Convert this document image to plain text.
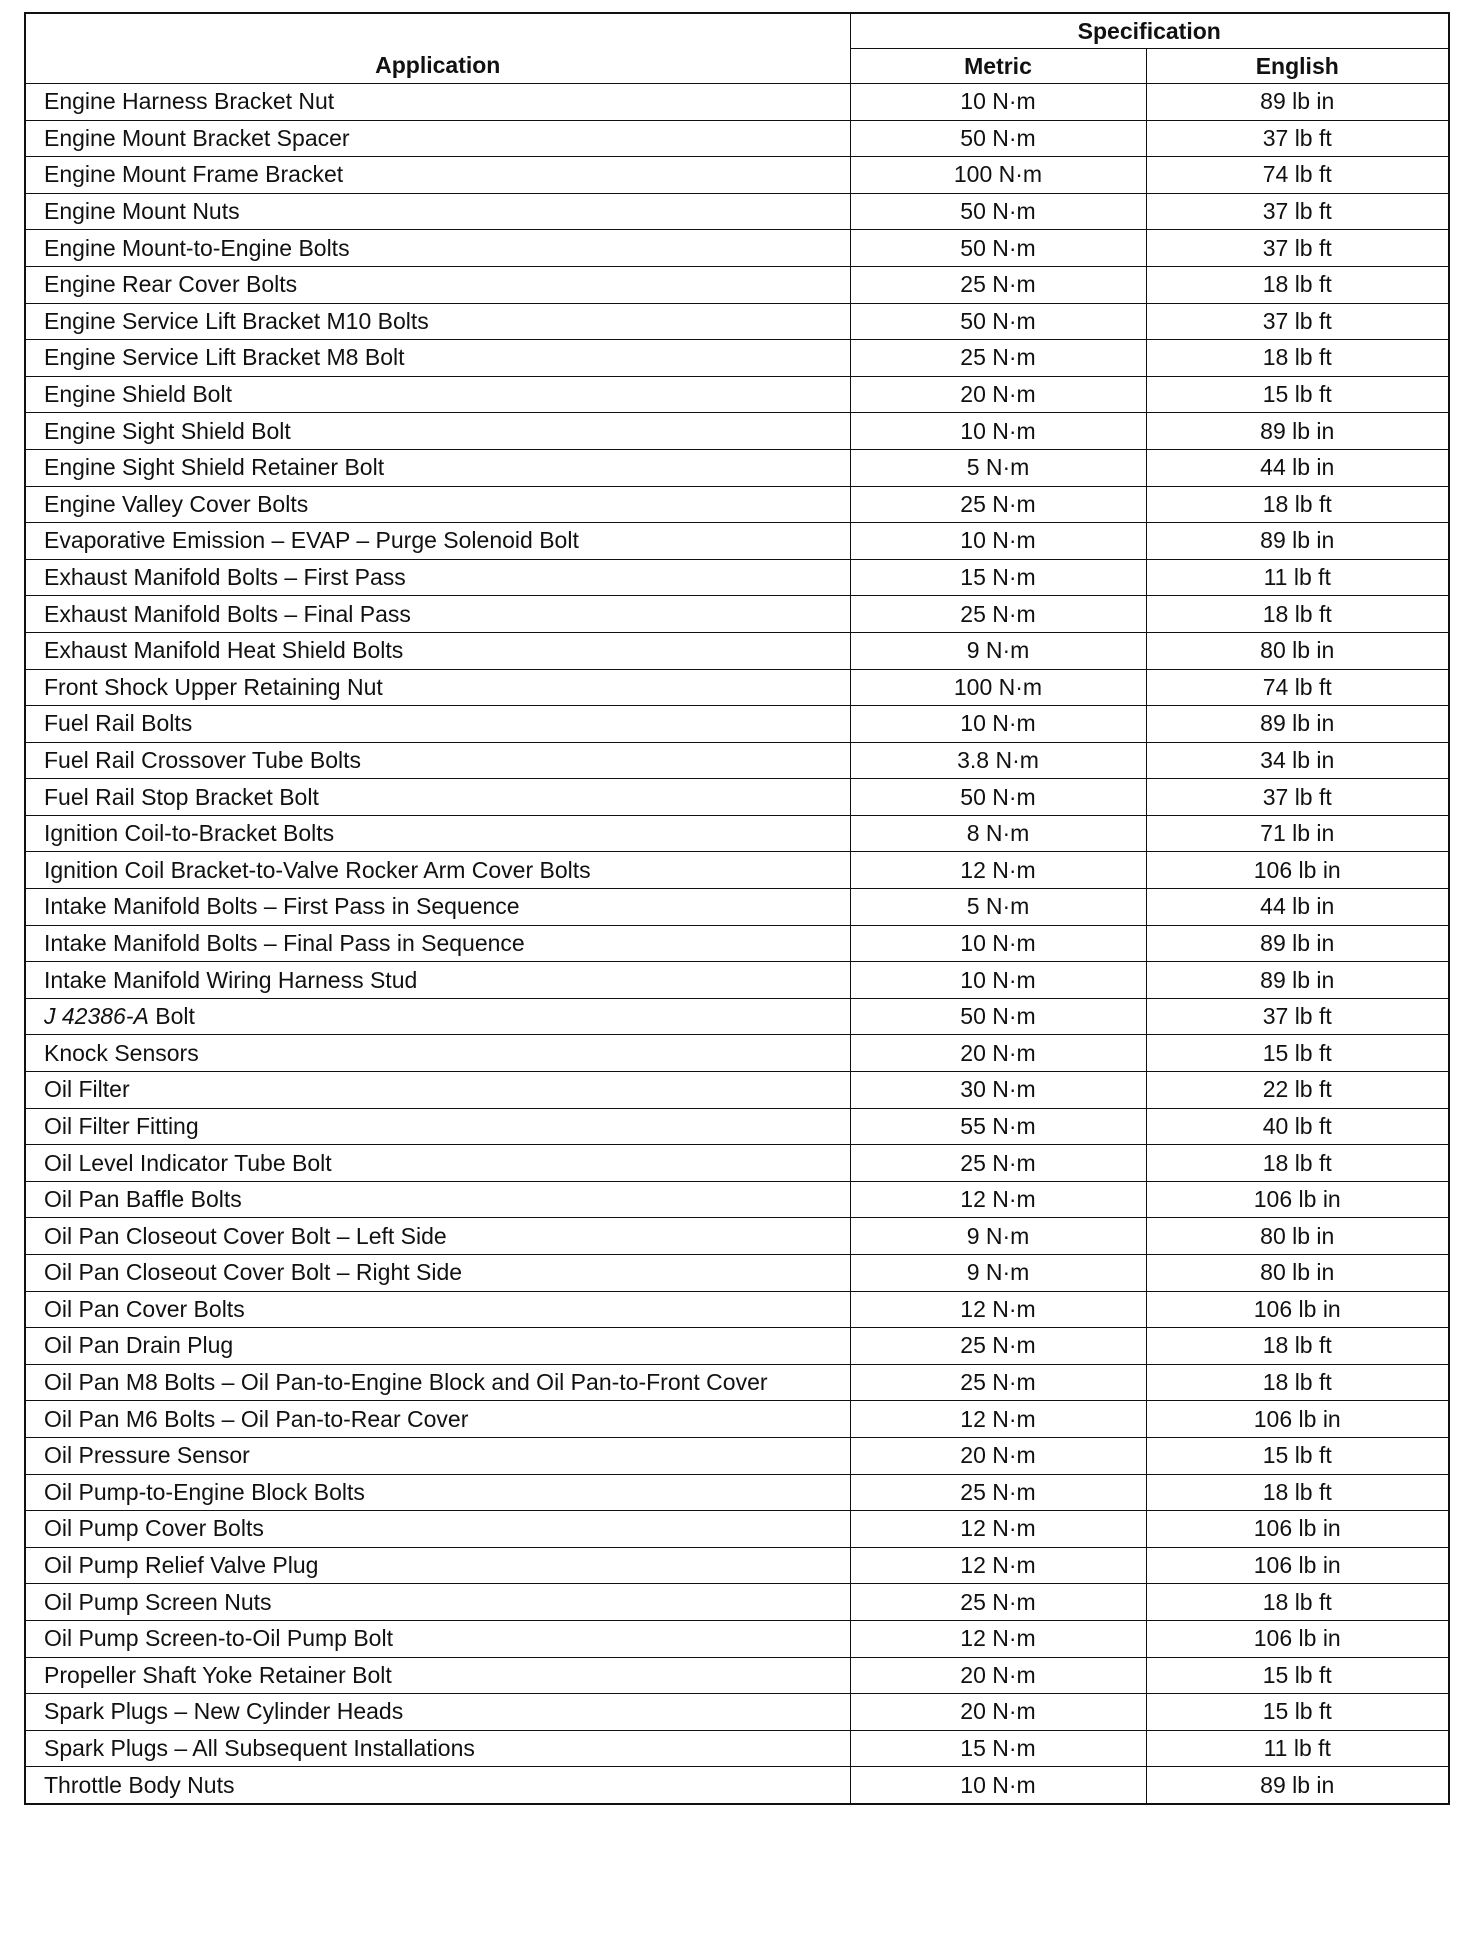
Application	Specification	
	Metric	English
Engine Harness Bracket Nut	10 N·m	89 lb in
Engine Mount Bracket Spacer	50 N·m	37 lb ft
Engine Mount Frame Bracket	100 N·m	74 lb ft
Engine Mount Nuts	50 N·m	37 lb ft
Engine Mount-to-Engine Bolts	50 N·m	37 lb ft
Engine Rear Cover Bolts	25 N·m	18 lb ft
Engine Service Lift Bracket M10 Bolts	50 N·m	37 lb ft
Engine Service Lift Bracket M8 Bolt	25 N·m	18 lb ft
Engine Shield Bolt	20 N·m	15 lb ft
Engine Sight Shield Bolt	10 N·m	89 lb in
Engine Sight Shield Retainer Bolt	5 N·m	44 lb in
Engine Valley Cover Bolts	25 N·m	18 lb ft
Evaporative Emission – EVAP – Purge Solenoid Bolt	10 N·m	89 lb in
Exhaust Manifold Bolts – First Pass	15 N·m	11 lb ft
Exhaust Manifold Bolts – Final Pass	25 N·m	18 lb ft
Exhaust Manifold Heat Shield Bolts	9 N·m	80 lb in
Front Shock Upper Retaining Nut	100 N·m	74 lb ft
Fuel Rail Bolts	10 N·m	89 lb in
Fuel Rail Crossover Tube Bolts	3.8 N·m	34 lb in
Fuel Rail Stop Bracket Bolt	50 N·m	37 lb ft
Ignition Coil-to-Bracket Bolts	8 N·m	71 lb in
Ignition Coil Bracket-to-Valve Rocker Arm Cover Bolts	12 N·m	106 lb in
Intake Manifold Bolts – First Pass in Sequence	5 N·m	44 lb in
Intake Manifold Bolts – Final Pass in Sequence	10 N·m	89 lb in
Intake Manifold Wiring Harness Stud	10 N·m	89 lb in
J 42386-A Bolt	50 N·m	37 lb ft
Knock Sensors	20 N·m	15 lb ft
Oil Filter	30 N·m	22 lb ft
Oil Filter Fitting	55 N·m	40 lb ft
Oil Level Indicator Tube Bolt	25 N·m	18 lb ft
Oil Pan Baffle Bolts	12 N·m	106 lb in
Oil Pan Closeout Cover Bolt – Left Side	9 N·m	80 lb in
Oil Pan Closeout Cover Bolt – Right Side	9 N·m	80 lb in
Oil Pan Cover Bolts	12 N·m	106 lb in
Oil Pan Drain Plug	25 N·m	18 lb ft
Oil Pan M8 Bolts – Oil Pan-to-Engine Block and Oil Pan-to-Front Cover	25 N·m	18 lb ft
Oil Pan M6 Bolts – Oil Pan-to-Rear Cover	12 N·m	106 lb in
Oil Pressure Sensor	20 N·m	15 lb ft
Oil Pump-to-Engine Block Bolts	25 N·m	18 lb ft
Oil Pump Cover Bolts	12 N·m	106 lb in
Oil Pump Relief Valve Plug	12 N·m	106 lb in
Oil Pump Screen Nuts	25 N·m	18 lb ft
Oil Pump Screen-to-Oil Pump Bolt	12 N·m	106 lb in
Propeller Shaft Yoke Retainer Bolt	20 N·m	15 lb ft
Spark Plugs – New Cylinder Heads	20 N·m	15 lb ft
Spark Plugs – All Subsequent Installations	15 N·m	11 lb ft
Throttle Body Nuts	10 N·m	89 lb in
